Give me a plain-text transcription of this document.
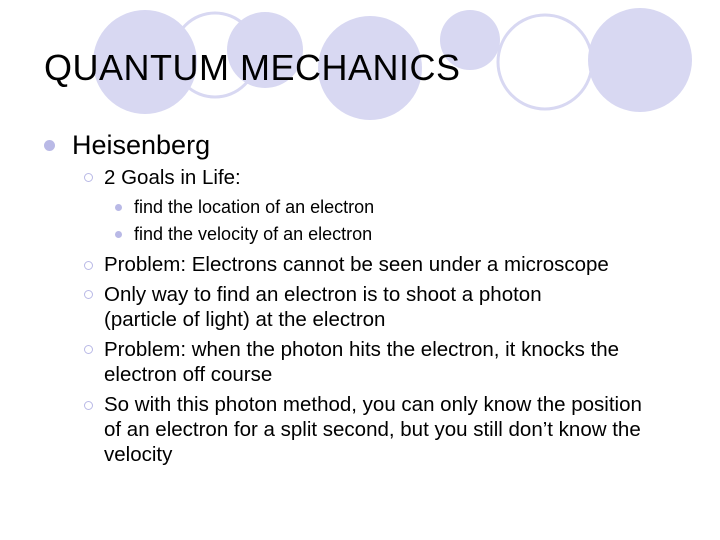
QUANTUM MECHANICS
Heisenberg
2 Goals in Life:
find the location of an electron
find the velocity of an electron
Problem: Electrons cannot be seen under a microscope
Only way to find an electron is to shoot a photon (particle of light) at the electron
Problem: when the photon hits the electron, it knocks the electron off course
So with this photon method, you can only know the position of an electron for a split second, but you still don’t know the velocity
